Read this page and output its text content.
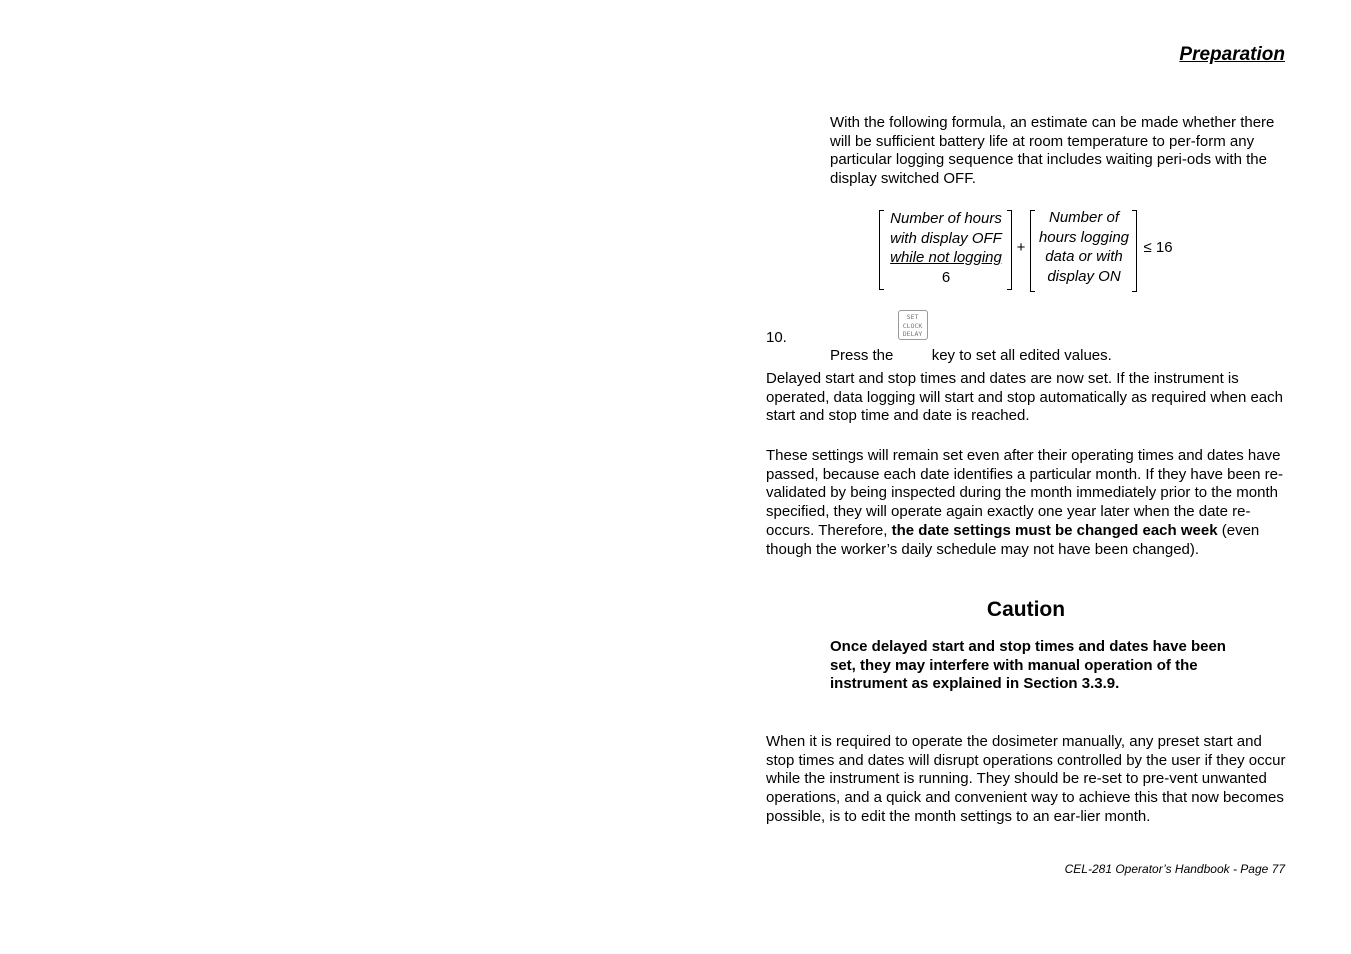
Preparation
With the following formula, an estimate can be made whether there will be sufficient battery life at room temperature to per-form any particular logging sequence that includes waiting peri-ods with the display switched OFF.
Number of hours
with display OFF
while not logging
6
+
Number of
hours logging
data or with
display ON
≤ 16
10.
Press the
SET
CLOCK
DELAY
key to set all edited values.
Delayed start and stop times and dates are now set. If the instrument is operated, data logging will start and stop automatically as required when each start and stop time and date is reached.
These settings will remain set even after their operating times and dates have passed, because each date identifies a particular month. If they have been re-validated by being inspected during the month immediately prior to the month specified, they will operate again exactly one year later when the date re-occurs. Therefore, the date settings must be changed each week (even though the worker’s daily schedule may not have been changed).
Caution
Once delayed start and stop times and dates have been set, they may interfere with manual operation of the instrument as explained in Section 3.3.9.
When it is required to operate the dosimeter manually, any preset start and stop times and dates will disrupt operations controlled by the user if they occur while the instrument is running. They should be re-set to pre-vent unwanted operations, and a quick and convenient way to achieve this that now becomes possible, is to edit the month settings to an ear-lier month.
CEL-281 Operator’s Handbook - Page 77
